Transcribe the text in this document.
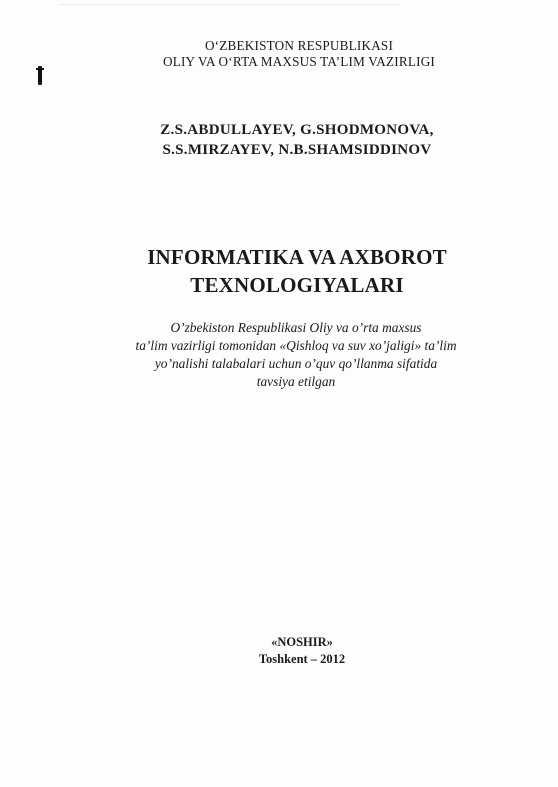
O‘ZBEKISTON RESPUBLIKASI
OLIY VA O‘RTA MAXSUS TA’LIM VAZIRLIGI
Z.S.ABDULLAYEV, G.SHODMONOVA,
S.S.MIRZAYEV, N.B.SHAMSIDDINOV
INFORMATIKA VA AXBOROT
TEXNOLOGIYALARI
O’zbekiston Respublikasi Oliy va o’rta maxsus
ta’lim vazirligi tomonidan «Qishloq va suv xo’jaligi» ta’lim
yo’nalishi talabalari uchun o’quv qo’llanma sifatida
tavsiya etilgan
«NOSHIR»
Toshkent – 2012
